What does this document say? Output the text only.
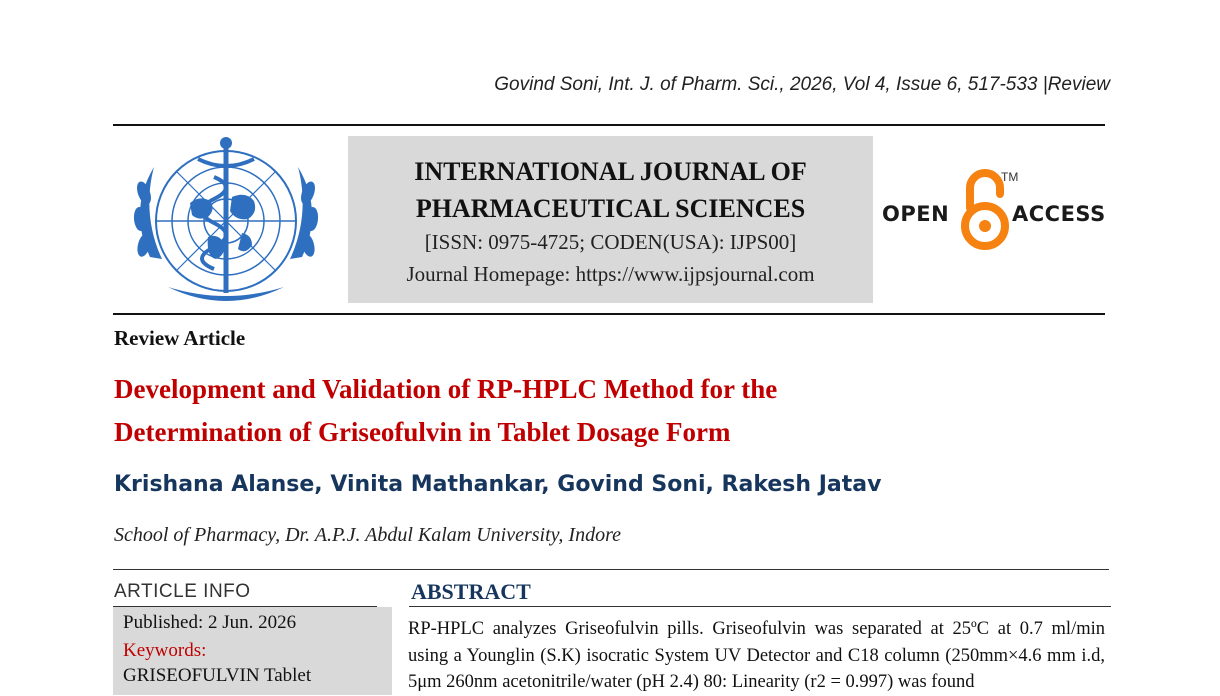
Govind Soni, Int. J. of Pharm. Sci., 2026, Vol 4, Issue 6, 517-533 |Review
INTERNATIONAL JOURNAL OF
PHARMACEUTICAL SCIENCES
[ISSN: 0975-4725; CODEN(USA): IJPS00]
Journal Homepage: https://www.ijpsjournal.com
OPEN
TM
ACCESS
Review Article
Development and Validation of RP-HPLC Method for the
Determination of Griseofulvin in Tablet Dosage Form
Krishana Alanse, Vinita Mathankar, Govind Soni, Rakesh Jatav
School of Pharmacy, Dr. A.P.J. Abdul Kalam University, Indore
ARTICLE INFO
Published: 2 Jun. 2026
Keywords:
GRISEOFULVIN Tablet
ABSTRACT
RP-HPLC analyzes Griseofulvin pills. Griseofulvin was separated at 25ºC at 0.7 ml/min using a Younglin (S.K) isocratic System UV Detector and C18 column (250mm×4.6 mm i.d, 5μm 260nm acetonitrile/water (pH 2.4) 80: Linearity (r2 = 0.997) was found
